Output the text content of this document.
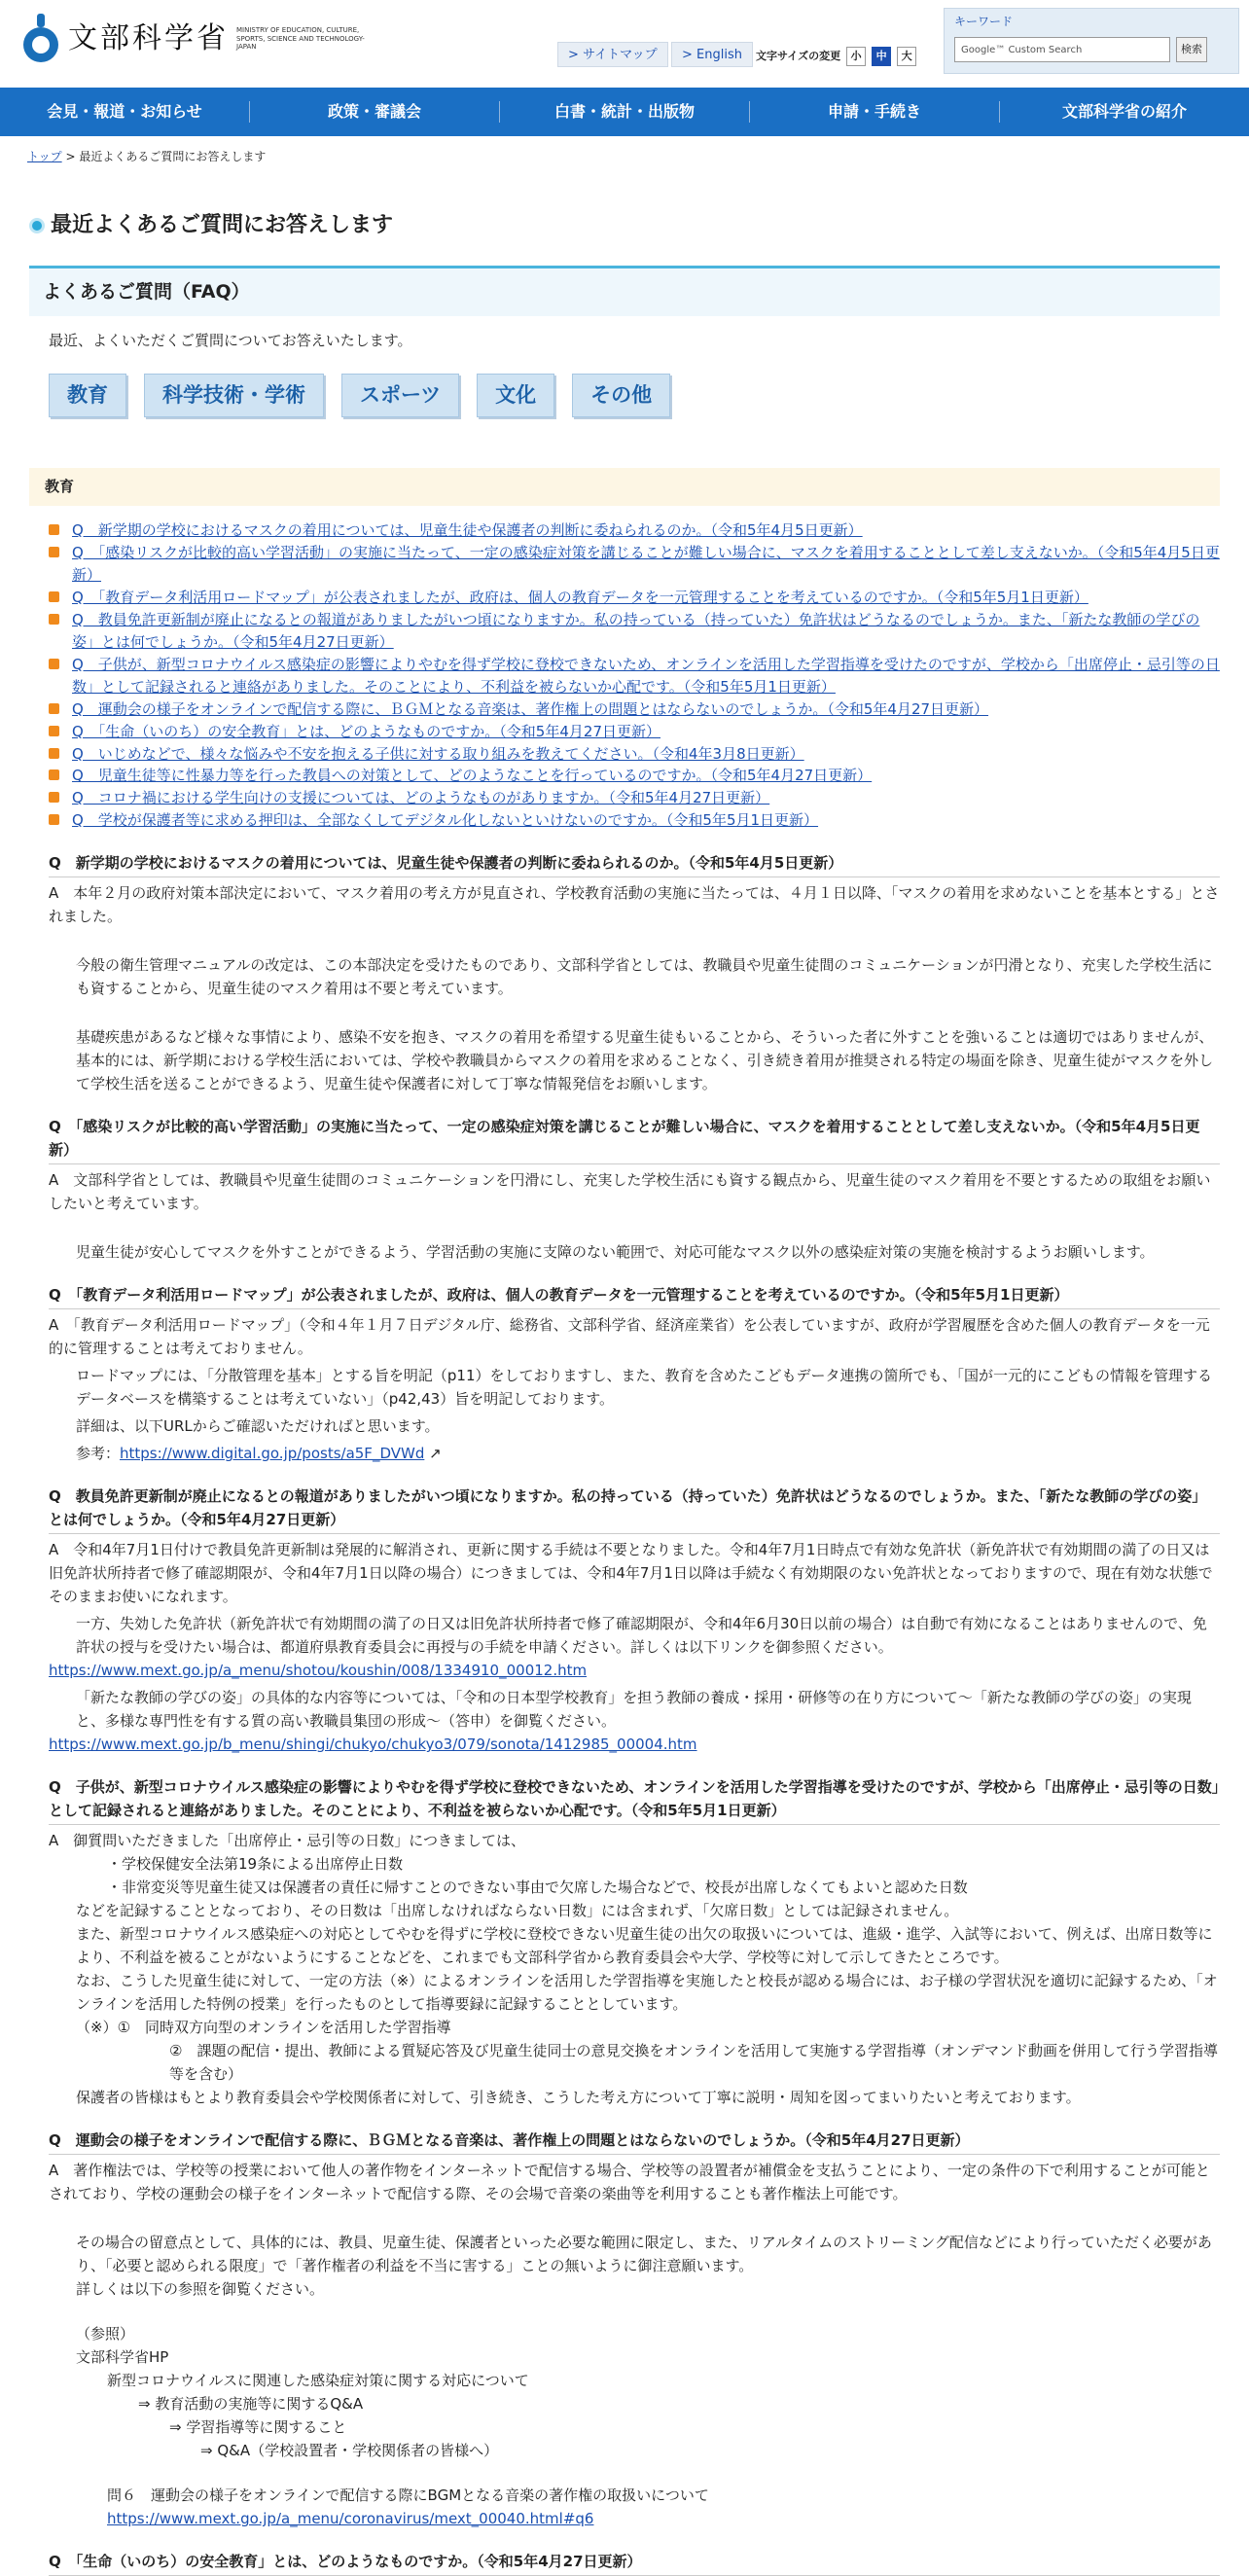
文部科学省 MINISTRY OF EDUCATION, CULTURE, SPORTS, SCIENCE AND TECHNOLOGY-JAPAN
> サイトマップ	> English	文字サイズの変更 小	中	大
キーワード
Google™ Custom Search	検索
会見・報道・お知らせ	政策・審議会	白書・統計・出版物	申請・手続き	文部科学省の紹介
トップ > 最近よくあるご質問にお答えします
最近よくあるご質問にお答えします
よくあるご質問（FAQ）
最近、よくいただくご質問についてお答えいたします。
教育	科学技術・学術	スポーツ	文化	その他
教育
Q　新学期の学校におけるマスクの着用については、児童生徒や保護者の判断に委ねられるのか。（令和5年4月5日更新）
Q　「感染リスクが比較的高い学習活動」の実施に当たって、一定の感染症対策を講じることが難しい場合に、マスクを着用することとして差し支えないか。（令和5年4月5日更新）
Q　「教育データ利活用ロードマップ」が公表されましたが、政府は、個人の教育データを一元管理することを考えているのですか。（令和5年5月1日更新）
Q　教員免許更新制が廃止になるとの報道がありましたがいつ頃になりますか。私の持っている（持っていた）免許状はどうなるのでしょうか。また、「新たな教師の学びの姿」とは何でしょうか。（令和5年4月27日更新）
Q　子供が、新型コロナウイルス感染症の影響によりやむを得ず学校に登校できないため、オンラインを活用した学習指導を受けたのですが、学校から「出席停止・忌引等の日数」として記録されると連絡がありました。そのことにより、不利益を被らないか心配です。（令和5年5月1日更新）
Q　運動会の様子をオンラインで配信する際に、ＢＧＭとなる音楽は、著作権上の問題とはならないのでしょうか。（令和5年4月27日更新）
Q　「生命（いのち）の安全教育」とは、どのようなものですか。（令和5年4月27日更新）
Q　いじめなどで、様々な悩みや不安を抱える子供に対する取り組みを教えてください。（令和4年3月8日更新）
Q　児童生徒等に性暴力等を行った教員への対策として、どのようなことを行っているのですか。（令和5年4月27日更新）
Q　コロナ禍における学生向けの支援については、どのようなものがありますか。（令和5年4月27日更新）
Q　学校が保護者等に求める押印は、全部なくしてデジタル化しないといけないのですか。（令和5年5月1日更新）
Q　新学期の学校におけるマスクの着用については、児童生徒や保護者の判断に委ねられるのか。（令和5年4月5日更新）

A　本年２月の政府対策本部決定において、マスク着用の考え方が見直され、学校教育活動の実施に当たっては、４月１日以降、「マスクの着用を求めないことを基本とする」とされました。

今般の衛生管理マニュアルの改定は、この本部決定を受けたものであり、文部科学省としては、教職員や児童生徒間のコミュニケーションが円滑となり、充実した学校生活にも資することから、児童生徒のマスク着用は不要と考えています。

基礎疾患があるなど様々な事情により、感染不安を抱き、マスクの着用を希望する児童生徒もいることから、そういった者に外すことを強いることは適切ではありませんが、基本的には、新学期における学校生活においては、学校や教職員からマスクの着用を求めることなく、引き続き着用が推奨される特定の場面を除き、児童生徒がマスクを外して学校生活を送ることができるよう、児童生徒や保護者に対して丁寧な情報発信をお願いします。

Q　「感染リスクが比較的高い学習活動」の実施に当たって、一定の感染症対策を講じることが難しい場合に、マスクを着用することとして差し支えないか。（令和5年4月5日更新）

A　文部科学省としては、教職員や児童生徒間のコミュニケーションを円滑にし、充実した学校生活にも資する観点から、児童生徒のマスク着用を不要とするための取組をお願いしたいと考えています。

児童生徒が安心してマスクを外すことができるよう、学習活動の実施に支障のない範囲で、対応可能なマスク以外の感染症対策の実施を検討するようお願いします。

Q　「教育データ利活用ロードマップ」が公表されましたが、政府は、個人の教育データを一元管理することを考えているのですか。（令和5年5月1日更新）

A　「教育データ利活用ロードマップ」（令和４年１月７日デジタル庁、総務省、文部科学省、経済産業省）を公表していますが、政府が学習履歴を含めた個人の教育データを一元的に管理することは考えておりません。

ロードマップには、「分散管理を基本」とする旨を明記（p11）をしておりますし、また、教育を含めたこどもデータ連携の箇所でも、「国が一元的にこどもの情報を管理するデータベースを構築することは考えていない」（p42,43）旨を明記しております。

詳細は、以下URLからご確認いただければと思います。

参考：https://www.digital.go.jp/posts/a5F_DVWd ↗

Q　教員免許更新制が廃止になるとの報道がありましたがいつ頃になりますか。私の持っている（持っていた）免許状はどうなるのでしょうか。また、「新たな教師の学びの姿」とは何でしょうか。（令和5年4月27日更新）

A　令和4年7月1日付けで教員免許更新制は発展的に解消され、更新に関する手続は不要となりました。令和4年7月1日時点で有効な免許状（新免許状で有効期間の満了の日又は旧免許状所持者で修了確認期限が、令和4年7月1日以降の場合）につきましては、令和4年7月1日以降は手続なく有効期限のない免許状となっておりますので、現在有効な状態でそのままお使いになれます。

一方、失効した免許状（新免許状で有効期間の満了の日又は旧免許状所持者で修了確認期限が、令和4年6月30日以前の場合）は自動で有効になることはありませんので、免許状の授与を受けたい場合は、都道府県教育委員会に再授与の手続を申請ください。詳しくは以下リンクを御参照ください。

https://www.mext.go.jp/a_menu/shotou/koushin/008/1334910_00012.htm

「新たな教師の学びの姿」の具体的な内容等については、「令和の日本型学校教育」を担う教師の養成・採用・研修等の在り方について〜「新たな教師の学びの姿」の実現と、多様な専門性を有する質の高い教職員集団の形成〜（答申）を御覧ください。

https://www.mext.go.jp/b_menu/shingi/chukyo/chukyo3/079/sonota/1412985_00004.htm

Q　子供が、新型コロナウイルス感染症の影響によりやむを得ず学校に登校できないため、オンラインを活用した学習指導を受けたのですが、学校から「出席停止・忌引等の日数」として記録されると連絡がありました。そのことにより、不利益を被らないか心配です。（令和5年5月1日更新）

A　御質問いただきました「出席停止・忌引等の日数」につきましては、

・学校保健安全法第19条による出席停止日数

・非常変災等児童生徒又は保護者の責任に帰すことのできない事由で欠席した場合などで、校長が出席しなくてもよいと認めた日数

などを記録することとなっており、その日数は「出席しなければならない日数」には含まれず、「欠席日数」としては記録されません。

また、新型コロナウイルス感染症への対応としてやむを得ずに学校に登校できない児童生徒の出欠の取扱いについては、進級・進学、入試等において、例えば、出席日数等により、不利益を被ることがないようにすることなどを、これまでも文部科学省から教育委員会や大学、学校等に対して示してきたところです。

なお、こうした児童生徒に対して、一定の方法（※）によるオンラインを活用した学習指導を実施したと校長が認める場合には、お子様の学習状況を適切に記録するため、「オンラインを活用した特例の授業」を行ったものとして指導要録に記録することとしています。

（※）①　同時双方向型のオンラインを活用した学習指導

②　課題の配信・提出、教師による質疑応答及び児童生徒同士の意見交換をオンラインを活用して実施する学習指導（オンデマンド動画を併用して行う学習指導等を含む）

保護者の皆様はもとより教育委員会や学校関係者に対して、引き続き、こうした考え方について丁寧に説明・周知を図ってまいりたいと考えております。

Q　運動会の様子をオンラインで配信する際に、ＢＧＭとなる音楽は、著作権上の問題とはならないのでしょうか。（令和5年4月27日更新）

A　著作権法では、学校等の授業において他人の著作物をインターネットで配信する場合、学校等の設置者が補償金を支払うことにより、一定の条件の下で利用することが可能とされており、学校の運動会の様子をインターネットで配信する際、その会場で音楽の楽曲等を利用することも著作権法上可能です。

その場合の留意点として、具体的には、教員、児童生徒、保護者といった必要な範囲に限定し、また、リアルタイムのストリーミング配信などにより行っていただく必要があり、「必要と認められる限度」で「著作権者の利益を不当に害する」ことの無いように御注意願います。

詳しくは以下の参照を御覧ください。

（参照）

文部科学省HP

新型コロナウイルスに関連した感染症対策に関する対応について

⇒ 教育活動の実施等に関するQ&A

⇒ 学習指導等に関すること

⇒ Q&A（学校設置者・学校関係者の皆様へ）

問６　運動会の様子をオンラインで配信する際にBGMとなる音楽の著作権の取扱いについて

https://www.mext.go.jp/a_menu/coronavirus/mext_00040.html#q6

Q　「生命（いのち）の安全教育」とは、どのようなものですか。（令和5年4月27日更新）
